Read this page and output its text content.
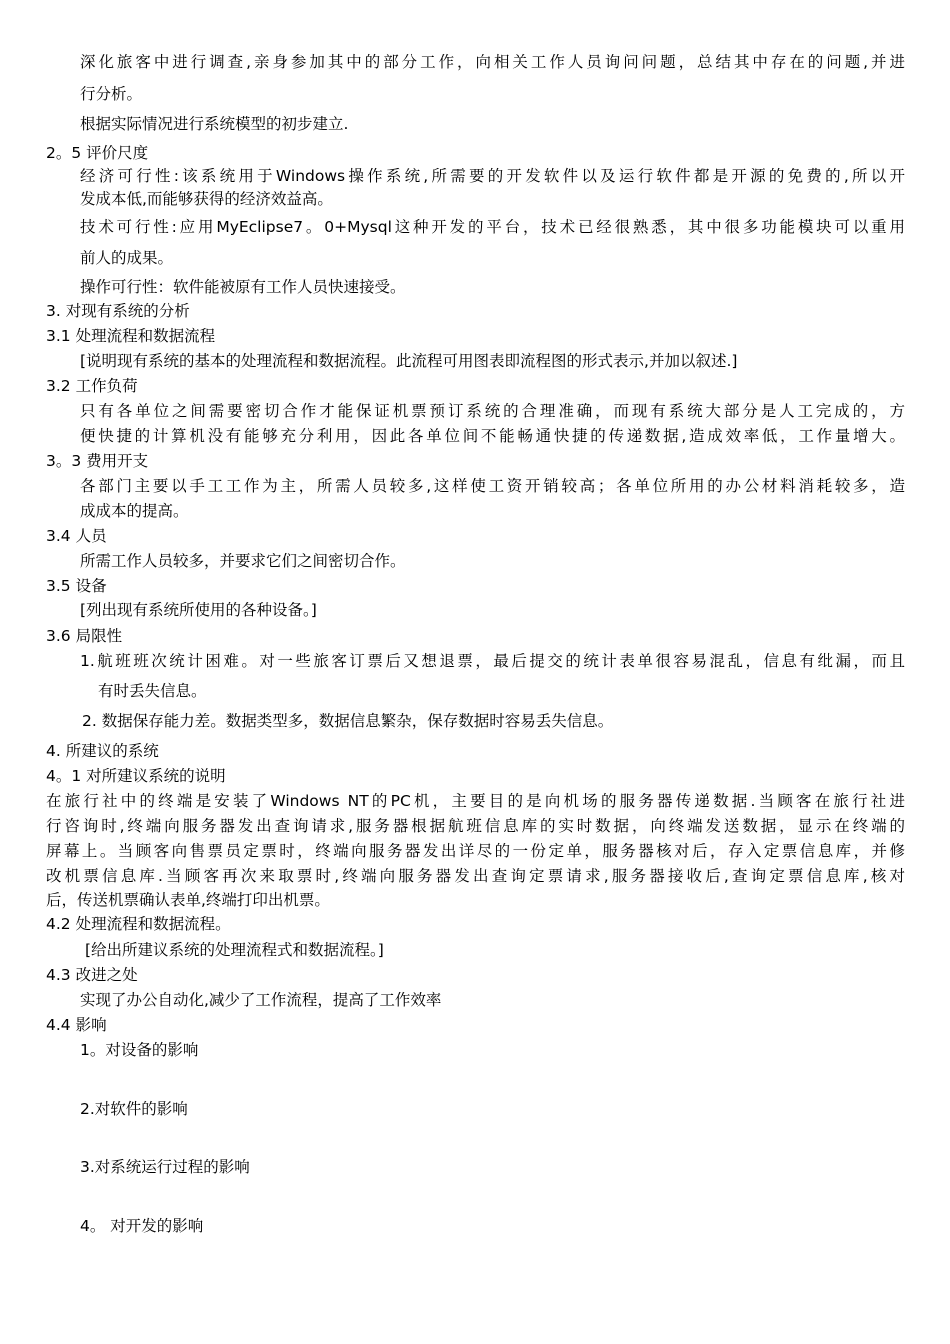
深化旅客中进行调查,亲身参加其中的部分工作，向相关工作人员询问问题，总结其中存在的问题,并进

行分析。

根据实际情况进行系统模型的初步建立.

2。5 评价尺度

经济可行性:该系统用于Windows操作系统,所需要的开发软件以及运行软件都是开源的免费的,所以开

发成本低,而能够获得的经济效益高。

技术可行性:应用MyEclipse7。0+Mysql这种开发的平台，技术已经很熟悉，其中很多功能模块可以重用

前人的成果。

操作可行性：软件能被原有工作人员快速接受。

3. 对现有系统的分析

3.1 处理流程和数据流程

[说明现有系统的基本的处理流程和数据流程。此流程可用图表即流程图的形式表示,并加以叙述.]

3.2 工作负荷

只有各单位之间需要密切合作才能保证机票预订系统的合理准确，而现有系统大部分是人工完成的，方

便快捷的计算机没有能够充分利用，因此各单位间不能畅通快捷的传递数据,造成效率低，工作量增大。

3。3 费用开支

各部门主要以手工工作为主，所需人员较多,这样使工资开销较高；各单位所用的办公材料消耗较多，造

成成本的提高。

3.4 人员

所需工作人员较多，并要求它们之间密切合作。

3.5 设备

[列出现有系统所使用的各种设备。]

3.6 局限性

1.航班班次统计困难。对一些旅客订票后又想退票，最后提交的统计表单很容易混乱，信息有纰漏，而且

有时丢失信息。

2. 数据保存能力差。数据类型多，数据信息繁杂，保存数据时容易丢失信息。

4. 所建议的系统

4。1 对所建议系统的说明

在旅行社中的终端是安装了Windows NT的PC机，主要目的是向机场的服务器传递数据.当顾客在旅行社进

行咨询时,终端向服务器发出查询请求,服务器根据航班信息库的实时数据，向终端发送数据，显示在终端的

屏幕上。当顾客向售票员定票时，终端向服务器发出详尽的一份定单，服务器核对后，存入定票信息库，并修

改机票信息库.当顾客再次来取票时,终端向服务器发出查询定票请求,服务器接收后,查询定票信息库,核对

后，传送机票确认表单,终端打印出机票。

4.2 处理流程和数据流程。

[给出所建议系统的处理流程式和数据流程。]

4.3 改进之处

实现了办公自动化,减少了工作流程，提高了工作效率

4.4 影响

1。对设备的影响

2.对软件的影响

3.对系统运行过程的影响

4。 对开发的影响
